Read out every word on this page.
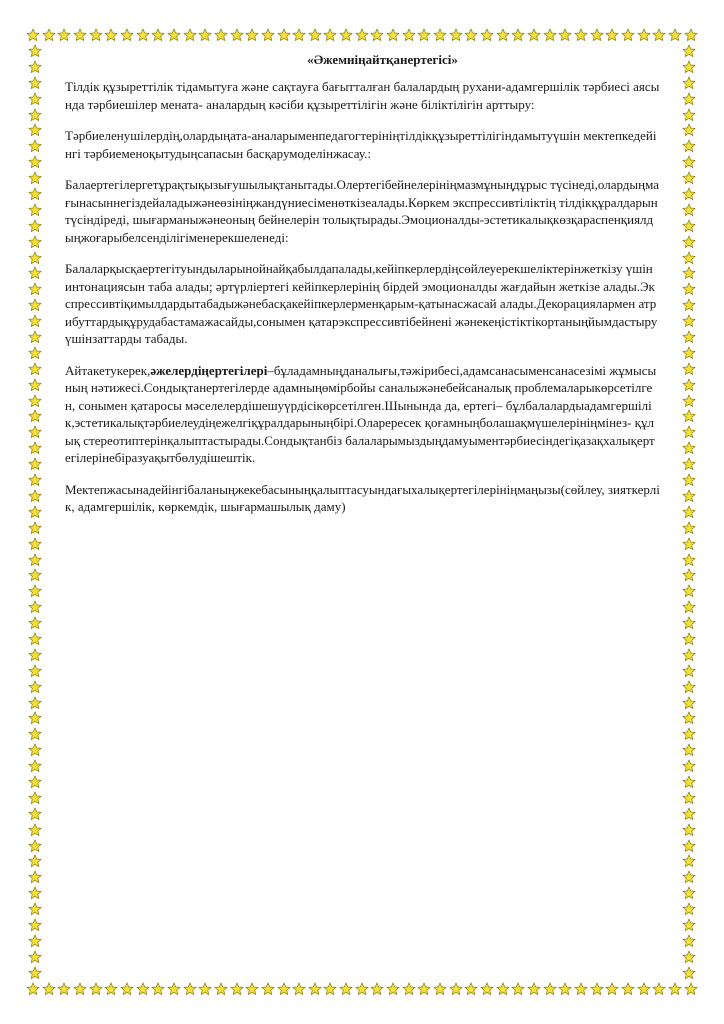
«Әжемніңайтқанертегісі»

Тілдік құзыреттілік тідамытуға және сақтауға бағытталған балалардың рухани-адамгершілік тәрбиесі аясында тәрбиешілер мената- аналардың кәсіби құзыреттілігін және біліктілігін арттыру:

Тәрбиеленушілердің,олардыңата-аналарыменпедагогтерініңтілдікқұзыреттілігіндамытуүшін мектепкедейінгі тәрбиеменоқытудыңсапасын басқарумоделінжасау.:

Балаертегілергетұрақтықызығушылықтанытады.Олертегібейнелерініңмазмұныңдұрыс түсінеді,олардыңмағынасыннегіздейаладыжәнеөзініңжандүниесіменөткізеалады.Көркем экспрессивтіліктің тілдікқұралдарынтүсіндіреді, шығарманыжәнеоның бейнелерін толықтырады.Эмоционалды-эстетикалықкөзқараспенқиялдыңжоғарыбелсенділігіменерекшеленеді:

Балаларқысқаертегітуындыларынойнайқабылдапалады,кейіпкерлердіңсөйлеуерекшеліктерінжеткізу үшін интонациясын таба алады; әртүрліертегі кейіпкерлерінің бірдей эмоционалды жағдайын жеткізе алады.Экспрессивтіқимылдардытабадыжәнебасқакейіпкерлерменқарым-қатынасжасай алады.Декорациялармен атрибуттардықұрудабастамажасайды,сонымен қатарэкспрессивтібейнені жәнекеңістіктікортаныңйымдастыру үшінзаттарды табады.

Айтакетукерек,әжелердіңертегілері–бұладамныңданалығы,тәжірибесі,адамсанасыменсанасезімі жұмысының нәтижесі.Сондықтанертегілерде адамныңөмірбойы саналыжәнебейсаналық проблемаларыкөрсетілген, сонымен қатаросы мәселелердішешуүрдісікөрсетілген.Шынында да, ертегі– бұлбалалардыадамгершілік,эстетикалықтәрбиелеудіңежелгіқұралдарыныңбірі.Оларересек қоғамныңболашақмүшелерініңмінез- құлық стереотиптерінқалыптастырады.Сондықтанбіз балаларымыздыңдамуыментәрбиесіндегіқазақхалықертегілерінебіразуақытбөлудішештік.

Мектепжасынадейінгібаланыңжекебасыныңқалыптасуындағыхалықертегілерініңмаңызы(сөйлеу, зияткерлік, адамгершілік, көркемдік, шығармашылық даму)
